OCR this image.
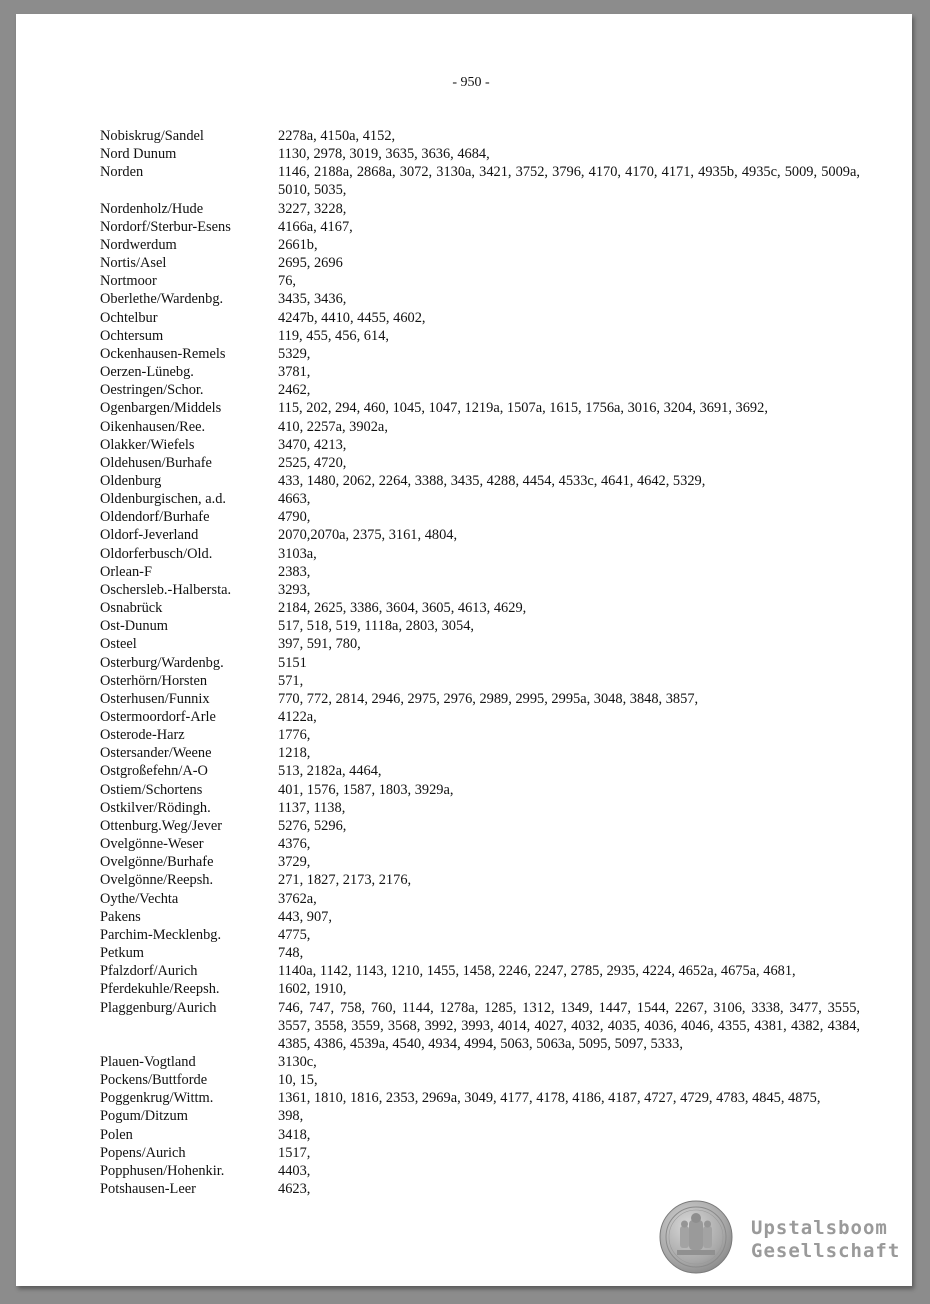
- 950 -
Nobiskrug/Sandel	2278a, 4150a, 4152,
Nord Dunum	1130, 2978, 3019, 3635, 3636, 4684,
Norden	1146, 2188a, 2868a, 3072, 3130a, 3421, 3752, 3796, 4170, 4170, 4171, 4935b, 4935c, 5009, 5009a, 5010, 5035,
Nordenholz/Hude	3227, 3228,
Nordorf/Sterbur-Esens	4166a, 4167,
Nordwerdum	2661b,
Nortis/Asel	2695, 2696
Nortmoor	76,
Oberlethe/Wardenbg.	3435, 3436,
Ochtelbur	4247b, 4410, 4455, 4602,
Ochtersum	119, 455, 456, 614,
Ockenhausen-Remels	5329,
Oerzen-Lünebg.	3781,
Oestringen/Schor.	2462,
Ogenbargen/Middels	115, 202, 294, 460, 1045, 1047, 1219a, 1507a, 1615, 1756a, 3016, 3204, 3691, 3692,
Oikenhausen/Ree.	410, 2257a, 3902a,
Olakker/Wiefels	3470, 4213,
Oldehusen/Burhafe	2525, 4720,
Oldenburg	433, 1480, 2062, 2264, 3388, 3435, 4288, 4454, 4533c, 4641, 4642, 5329,
Oldenburgischen, a.d.	4663,
Oldendorf/Burhafe	4790,
Oldorf-Jeverland	2070,2070a, 2375, 3161, 4804,
Oldorferbusch/Old.	3103a,
Orlean-F	2383,
Oschersleb.-Halbersta.	3293,
Osnabrück	2184, 2625, 3386, 3604, 3605, 4613, 4629,
Ost-Dunum	517, 518, 519, 1118a, 2803, 3054,
Osteel	397, 591, 780,
Osterburg/Wardenbg.	5151
Osterhörn/Horsten	571,
Osterhusen/Funnix	770, 772, 2814, 2946, 2975, 2976, 2989, 2995, 2995a, 3048, 3848, 3857,
Ostermoordorf-Arle	4122a,
Osterode-Harz	1776,
Ostersander/Weene	1218,
Ostgroßefehn/A-O	513, 2182a, 4464,
Ostiem/Schortens	401, 1576, 1587, 1803, 3929a,
Ostkilver/Rödingh.	1137, 1138,
Ottenburg.Weg/Jever	5276, 5296,
Ovelgönne-Weser	4376,
Ovelgönne/Burhafe	3729,
Ovelgönne/Reepsh.	271, 1827, 2173, 2176,
Oythe/Vechta	3762a,
Pakens	443, 907,
Parchim-Mecklenbg.	4775,
Petkum	748,
Pfalzdorf/Aurich	1140a, 1142, 1143, 1210, 1455, 1458, 2246, 2247, 2785, 2935, 4224, 4652a, 4675a, 4681,
Pferdekuhle/Reepsh.	1602, 1910,
Plaggenburg/Aurich	746, 747, 758, 760, 1144, 1278a, 1285, 1312, 1349, 1447, 1544, 2267, 3106, 3338, 3477, 3555, 3557, 3558, 3559, 3568, 3992, 3993, 4014, 4027, 4032, 4035, 4036, 4046, 4355, 4381, 4382, 4384, 4385, 4386, 4539a, 4540, 4934, 4994, 5063, 5063a, 5095, 5097, 5333,
Plauen-Vogtland	3130c,
Pockens/Buttforde	10, 15,
Poggenkrug/Wittm.	1361, 1810, 1816, 2353, 2969a, 3049, 4177, 4178, 4186, 4187, 4727, 4729, 4783, 4845, 4875,
Pogum/Ditzum	398,
Polen	3418,
Popens/Aurich	1517,
Popphusen/Hohenkir.	4403,
Potshausen-Leer	4623,
Upstalsboom
Gesellschaft
